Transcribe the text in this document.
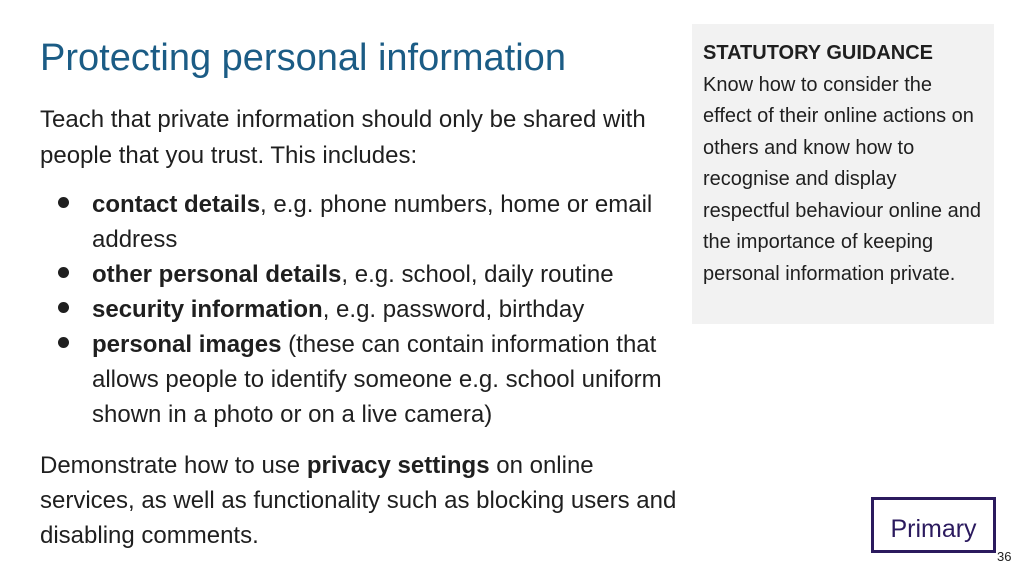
Protecting personal information

Teach that private information should only be shared with people that you trust. This includes:

contact details, e.g. phone numbers, home or email address
other personal details, e.g. school, daily routine
security information, e.g. password, birthday
personal images (these can contain information that allows people to identify someone e.g. school uniform shown in a photo or on a live camera)

Demonstrate how to use privacy settings on online services, as well as functionality such as blocking users and disabling comments.

STATUTORY GUIDANCE
Know how to consider the effect of their online actions on others and know how to recognise and display respectful behaviour online and the importance of keeping personal information private.
Primary
36
